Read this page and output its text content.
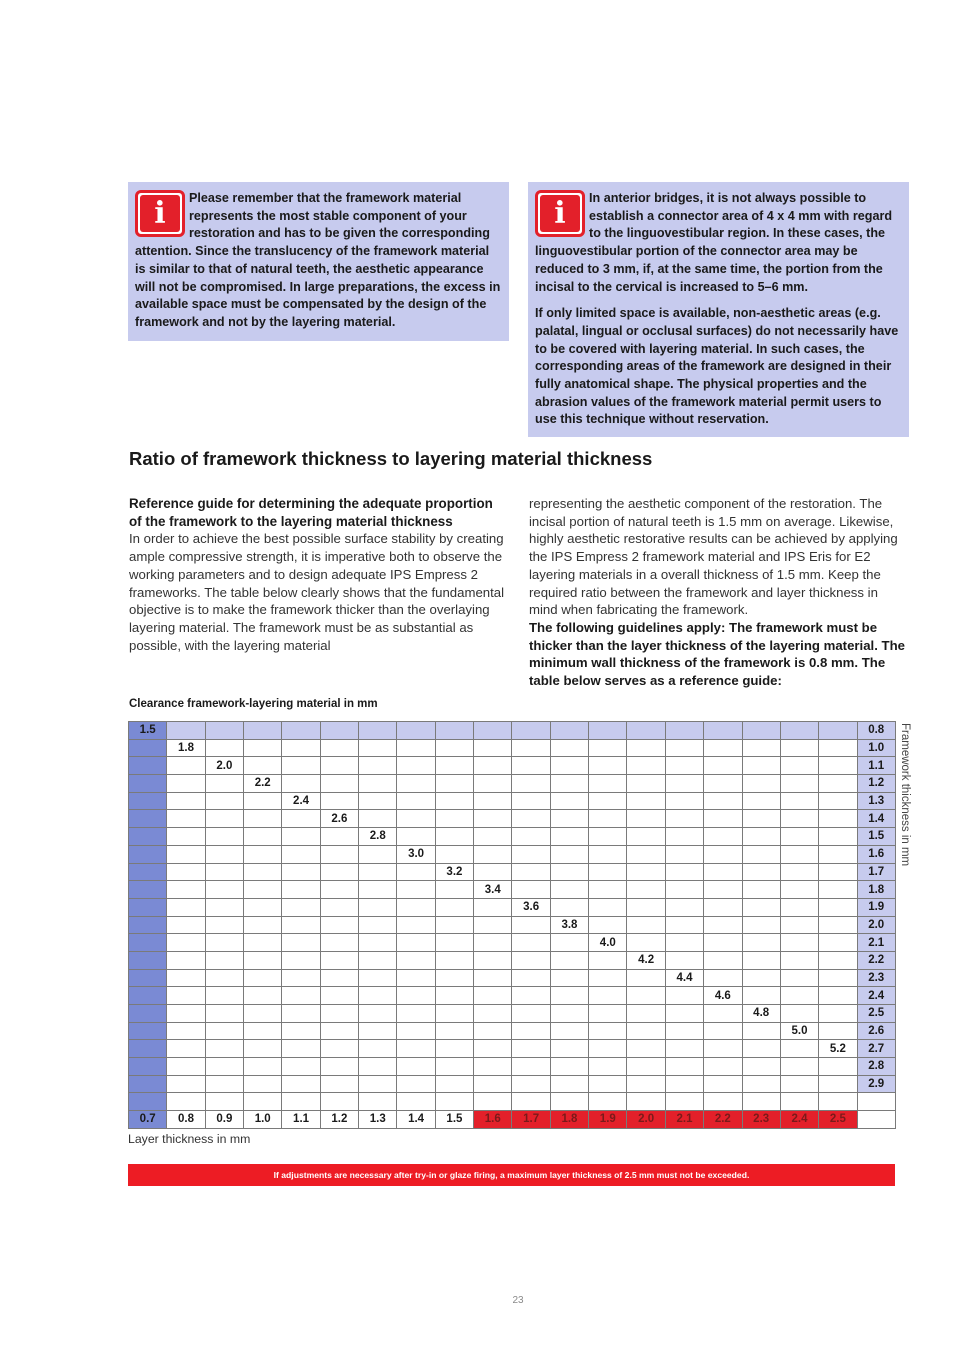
i	Please remember that the framework material represents the most stable component of your restoration and has to be given the corresponding attention. Since the translucency of the framework material is similar to that of natural teeth, the aesthetic appearance will not be compromised. In large preparations, the excess in available space must be compensated by the design of the framework and not by the layering material.

i	In anterior bridges, it is not always possible to establish a connector area of 4 x 4 mm with regard to the linguovestibular region. In these cases, the linguovestibular portion of the connector area may be reduced to 3 mm, if, at the same time, the portion from the incisal to the cervical is increased to 5–6 mm.

If only limited space is available, non-aesthetic areas (e.g. palatal, lingual or occlusal surfaces) do not necessarily have to be covered with layering material. In such cases, the corresponding areas of the framework are designed in their fully anatomical shape. The physical properties and the abrasion values of the framework material permit users to use this technique without reservation.

Ratio of framework thickness to layering material thickness
Reference guide for determining the adequate proportion of the framework to the layering material thickness

In order to achieve the best possible surface stability by creating ample compressive strength, it is imperative both to observe the working parameters and to design adequate IPS Empress 2 frameworks. The table below clearly shows that the fundamental objective is to make the framework thicker than the overlaying layering material. The framework must be as substantial as possible, with the layering material

representing the aesthetic component of the restoration. The incisal portion of natural teeth is 1.5 mm on average. Likewise, highly aesthetic restorative results can be achieved by applying the IPS Empress 2 framework material and IPS Eris for E2 layering materials in a overall thickness of 1.5 mm. Keep the required ratio between the framework and layer thickness in mind when fabricating the framework.

The following guidelines apply: The framework must be thicker than the layer thickness of the layering material. The minimum wall thickness of the framework is 0.8 mm. The table below serves as a reference guide:

Clearance framework-layering material in mm
1.5																			0.8
	1.8																		1.0
		2.0																	1.1
			2.2																1.2
				2.4															1.3
					2.6														1.4
						2.8													1.5
							3.0												1.6
								3.2											1.7
									3.4										1.8
										3.6									1.9
											3.8								2.0
												4.0							2.1
													4.2						2.2
														4.4					2.3
															4.6				2.4
																4.8			2.5
																	5.0		2.6
																		5.2	2.7
																			2.8
																			2.9

0.7	0.8	0.9	1.0	1.1	1.2	1.3	1.4	1.5	1.6	1.7	1.8	1.9	2.0	2.1	2.2	2.3	2.4	2.5	
Framework thickness in mm
Layer thickness in mm
If adjustments are necessary after try-in or glaze firing, a maximum layer thickness of 2.5 mm must not be exceeded.
23
